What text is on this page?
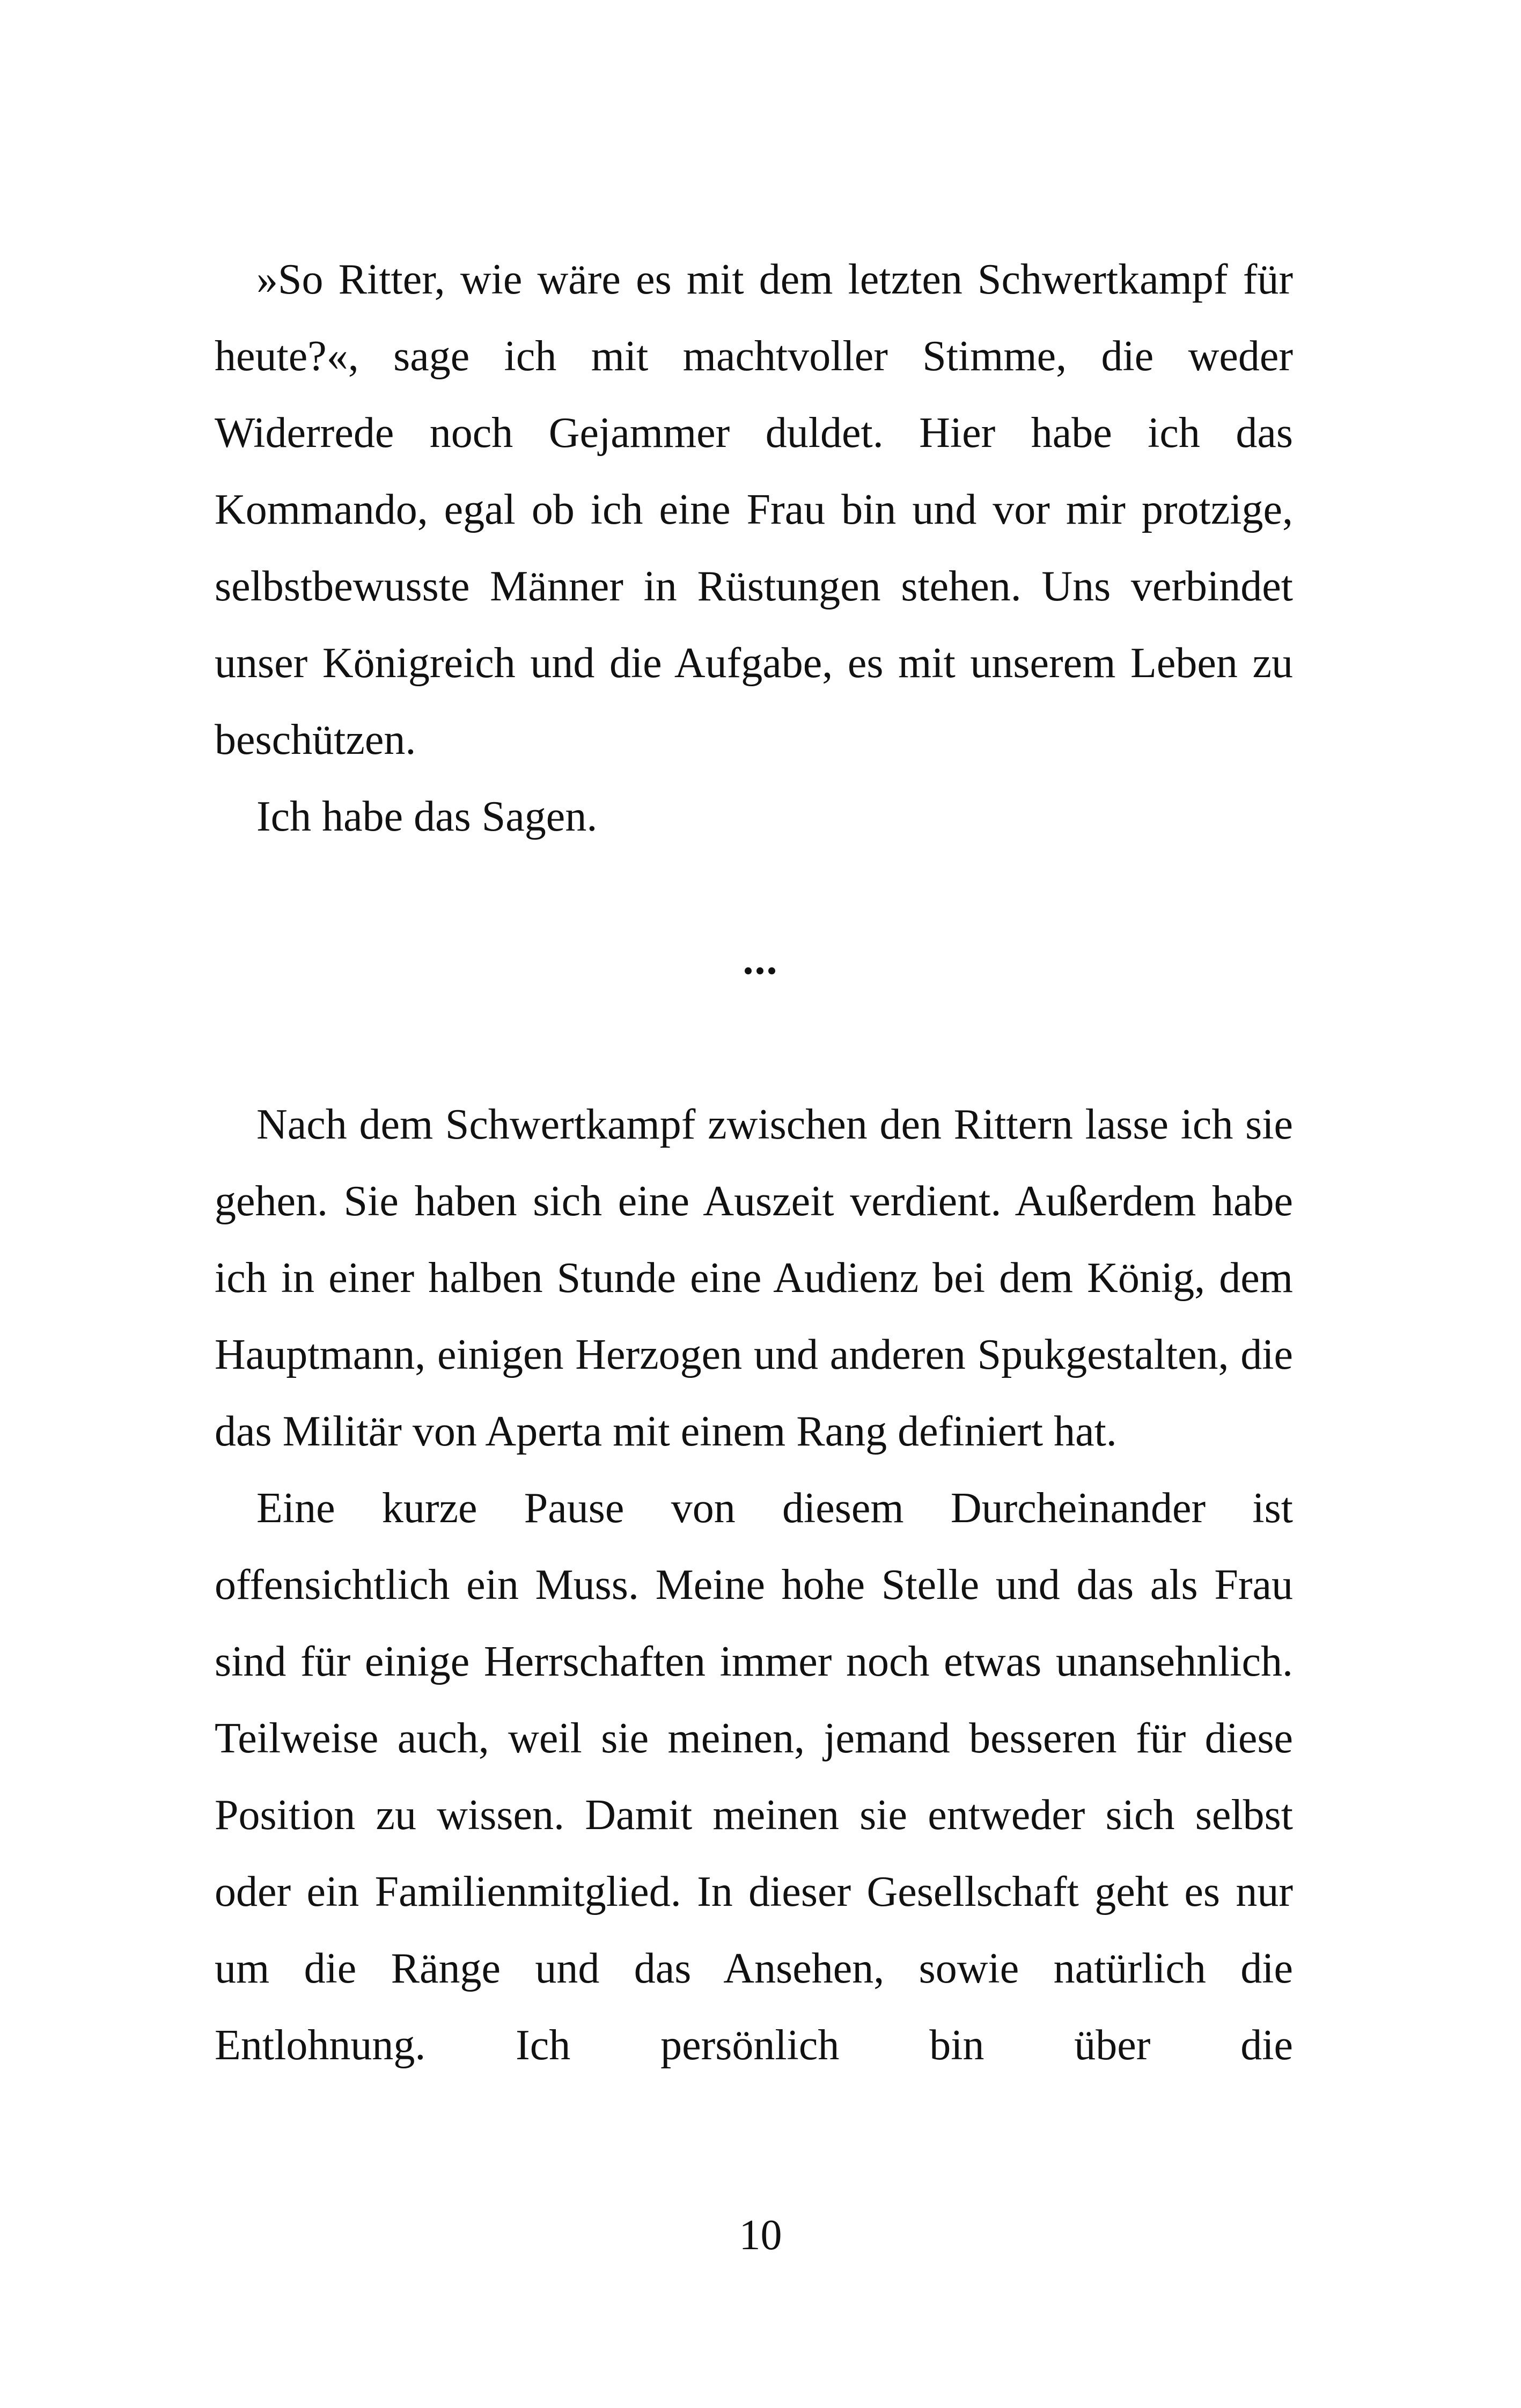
»So Ritter, wie wäre es mit dem letzten Schwertkampf für heute?«, sage ich mit machtvoller Stimme, die weder Widerrede noch Gejammer duldet. Hier habe ich das Kommando, egal ob ich eine Frau bin und vor mir protzige, selbstbewusste Männer in Rüstungen stehen. Uns verbindet unser Königreich und die Aufgabe, es mit unserem Leben zu beschützen.

Ich habe das Sagen.

...

Nach dem Schwertkampf zwischen den Rittern lasse ich sie gehen. Sie haben sich eine Auszeit verdient. Außerdem habe ich in einer halben Stunde eine Audienz bei dem König, dem Hauptmann, einigen Herzogen und anderen Spukgestalten, die das Militär von Aperta mit einem Rang definiert hat.

Eine kurze Pause von diesem Durcheinander ist offensichtlich ein Muss. Meine hohe Stelle und das als Frau sind für einige Herrschaften immer noch etwas unansehnlich. Teilweise auch, weil sie meinen, jemand besseren für diese Position zu wissen. Damit meinen sie entweder sich selbst oder ein Familienmitglied. In dieser Gesellschaft geht es nur um die Ränge und das Ansehen, sowie natürlich die Entlohnung. Ich persönlich bin über die

10
